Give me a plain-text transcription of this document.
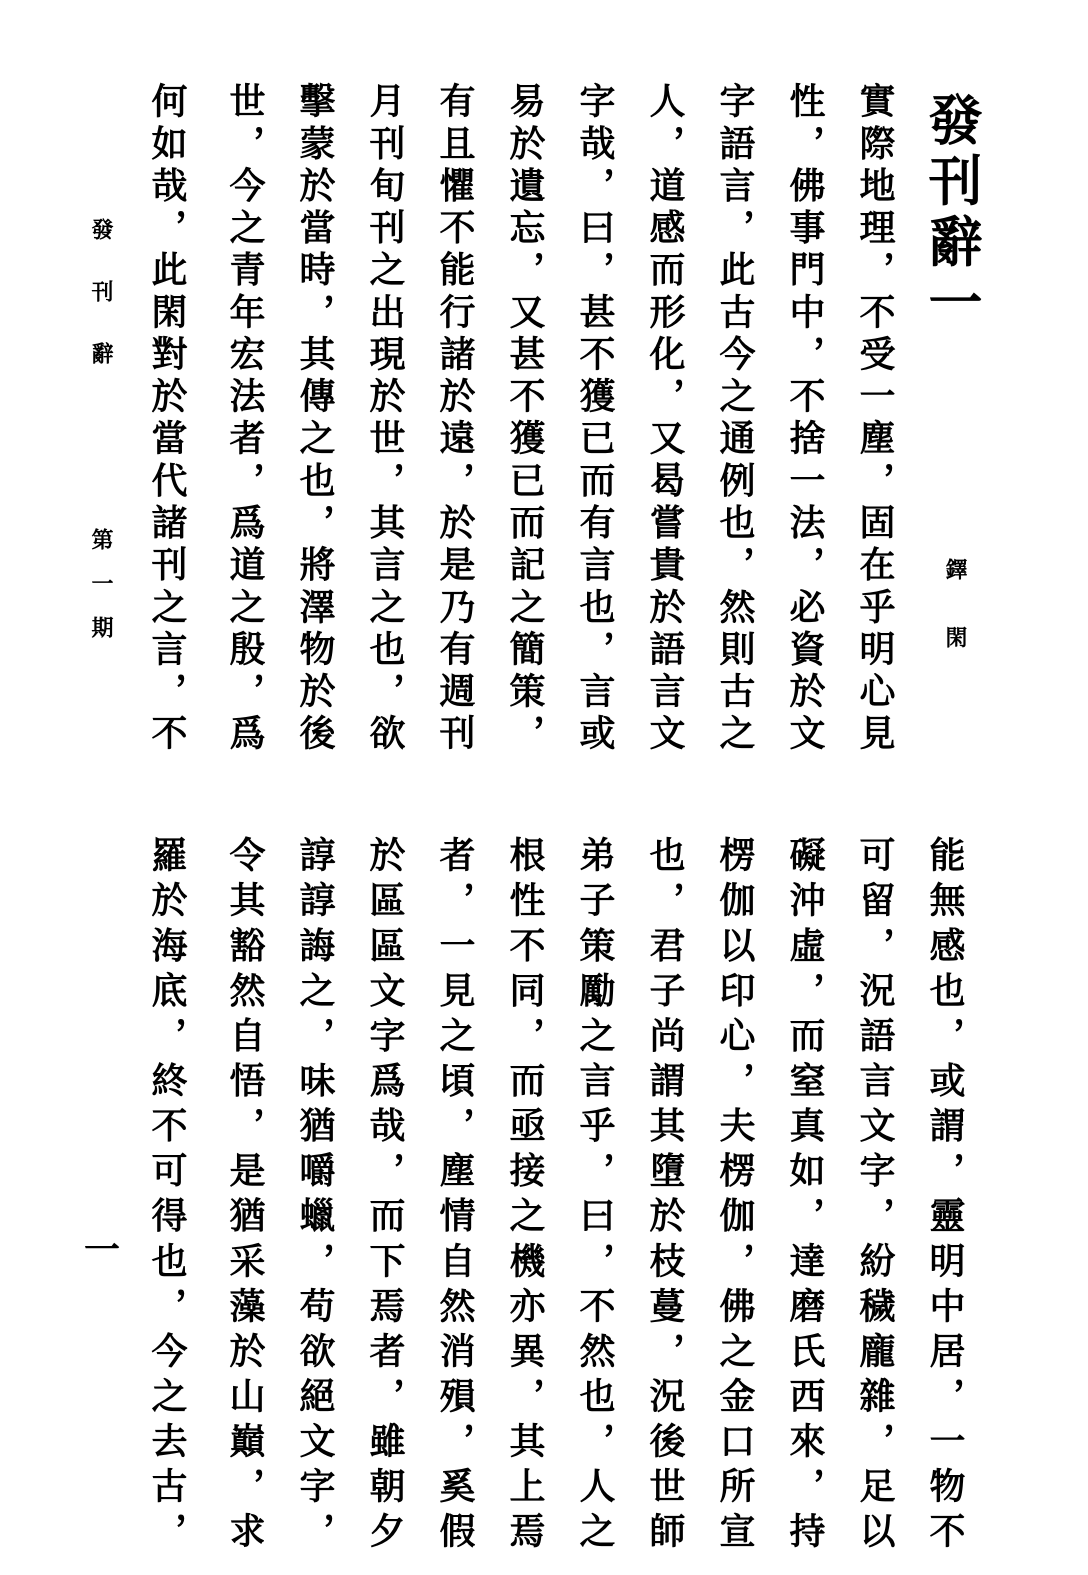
發刊辭一
鐸閑
實際地理，不受一塵，固在乎明心見
性，佛事門中，不捨一法，必資於文
字語言，此古今之通例也，然則古之
人，道感而形化，又曷嘗貴於語言文
字哉，曰，甚不獲已而有言也，言或
易於遺忘，又甚不獲已而記之簡策，
有且懼不能行諸於遠，於是乃有週刊
月刊旬刊之出現於世，其言之也，欲
擊蒙於當時，其傳之也，將澤物於後
世，今之青年宏法者，爲道之殷，爲
何如哉，此閑對於當代諸刊之言，不
發刊辭
第一期
能無感也，或謂，靈明中居，一物不
可留，況語言文字，紛穢龐雜，足以
礙沖虛，而窒真如，達磨氏西來，持
楞伽以印心，夫楞伽，佛之金口所宣
也，君子尚謂其墮於枝蔓，況後世師
弟子策勵之言乎，曰，不然也，人之
根性不同，而亟接之機亦異，其上焉
者，一見之頃，塵情自然消殞，奚假
於區區文字爲哉，而下焉者，雖朝夕
諄諄誨之，味猶嚼蠟，苟欲絕文字，
令其豁然自悟，是猶采藻於山巔，求
羅於海底，終不可得也，今之去古，
一
